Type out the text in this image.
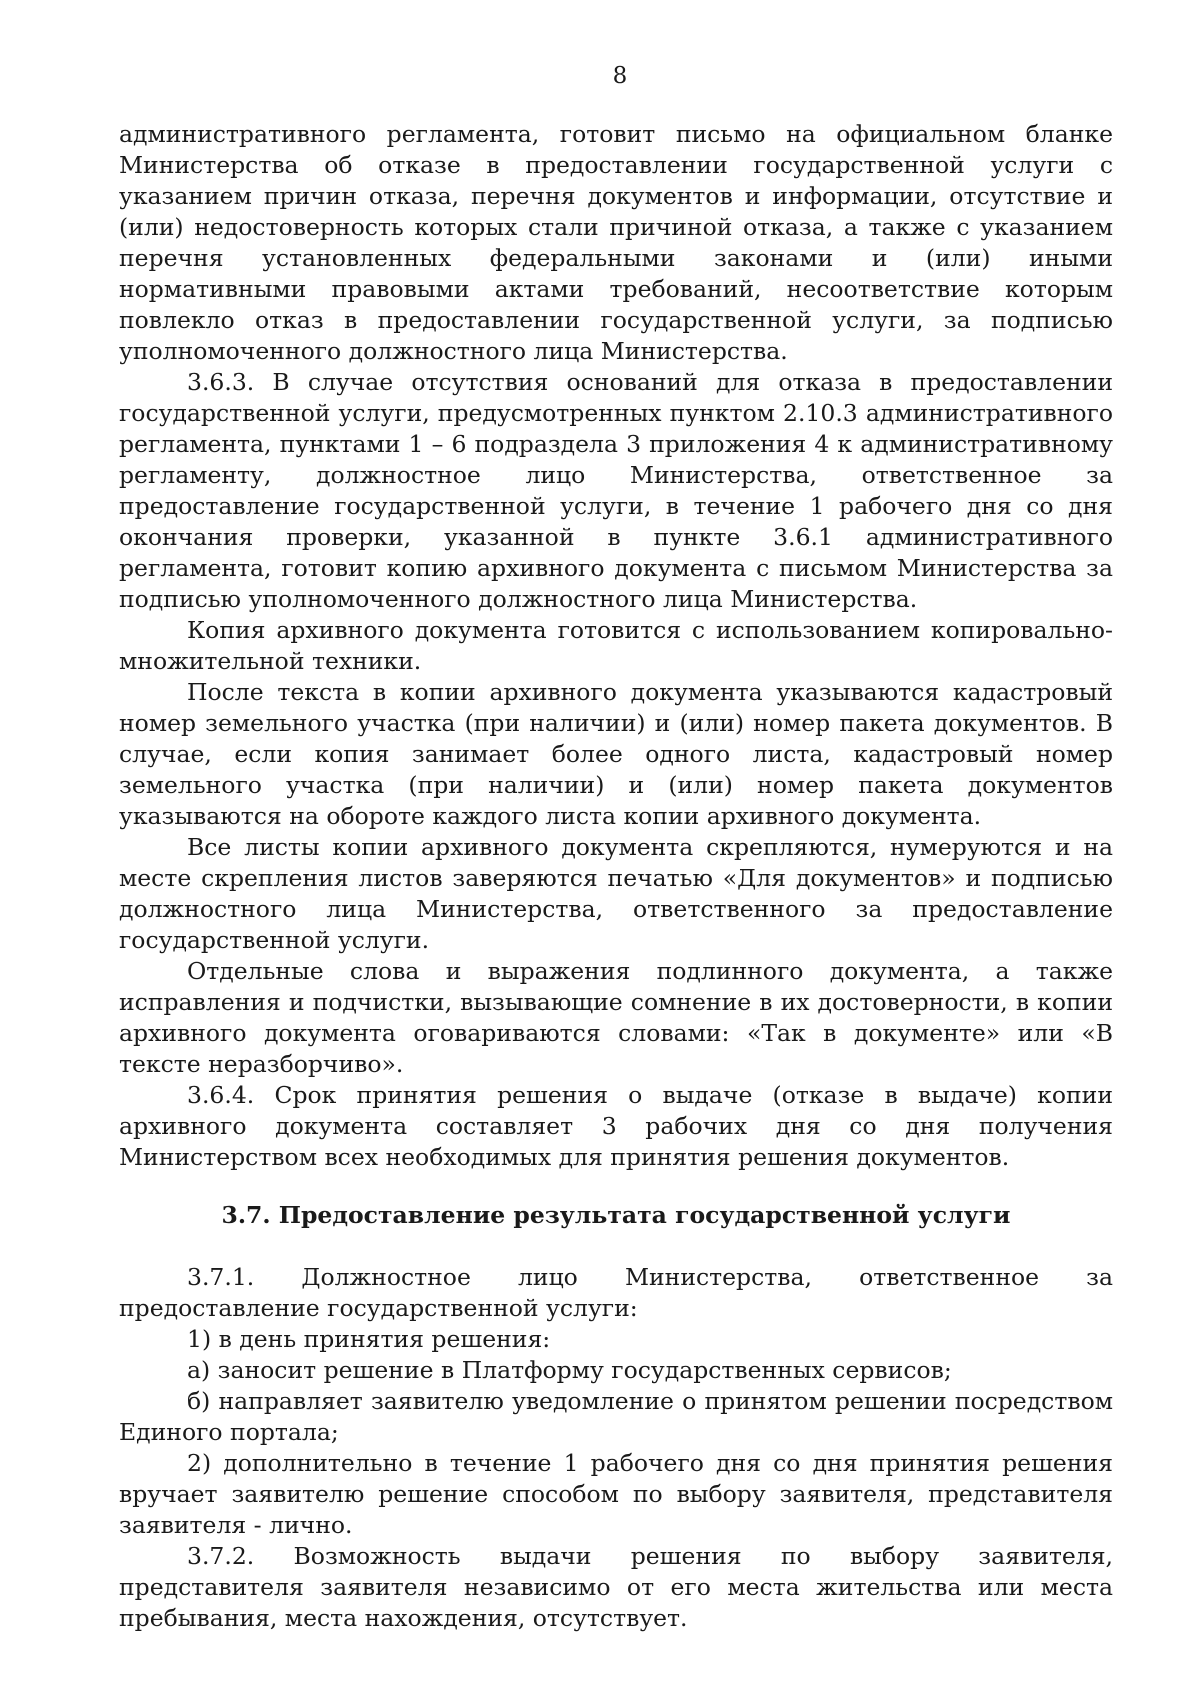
8

административного регламента, готовит письмо на официальном бланке Министерства об отказе в предоставлении государственной услуги с указанием причин отказа, перечня документов и информации, отсутствие и (или) недостоверность которых стали причиной отказа, а также с указанием перечня установленных федеральными законами и (или) иными нормативными правовыми актами требований, несоответствие которым повлекло отказ в предоставлении государственной услуги, за подписью уполномоченного должностного лица Министерства.

3.6.3. В случае отсутствия оснований для отказа в предоставлении государственной услуги, предусмотренных пунктом 2.10.3 административного регламента, пунктами 1 – 6 подраздела 3 приложения 4 к административному регламенту, должностное лицо Министерства, ответственное за предоставление государственной услуги, в течение 1 рабочего дня со дня окончания проверки, указанной в пункте 3.6.1 административного регламента, готовит копию архивного документа с письмом Министерства за подписью уполномоченного должностного лица Министерства.

Копия архивного документа готовится с использованием копировально-множительной техники.

После текста в копии архивного документа указываются кадастровый номер земельного участка (при наличии) и (или) номер пакета документов. В случае, если копия занимает более одного листа, кадастровый номер земельного участка (при наличии) и (или) номер пакета документов указываются на обороте каждого листа копии архивного документа.

Все листы копии архивного документа скрепляются, нумеруются и на месте скрепления листов заверяются печатью «Для документов» и подписью должностного лица Министерства, ответственного за предоставление государственной услуги.

Отдельные слова и выражения подлинного документа, а также исправления и подчистки, вызывающие сомнение в их достоверности, в копии архивного документа оговариваются словами: «Так в документе» или «В тексте неразборчиво».

3.6.4. Срок принятия решения о выдаче (отказе в выдаче) копии архивного документа составляет 3 рабочих дня со дня получения Министерством всех необходимых для принятия решения документов.

3.7. Предоставление результата государственной услуги

3.7.1. Должностное лицо Министерства, ответственное за предоставление государственной услуги:

1) в день принятия решения:

а) заносит решение в Платформу государственных сервисов;

б) направляет заявителю уведомление о принятом решении посредством Единого портала;

2) дополнительно в течение 1 рабочего дня со дня принятия решения вручает заявителю решение способом по выбору заявителя, представителя заявителя - лично.

3.7.2. Возможность выдачи решения по выбору заявителя, представителя заявителя независимо от его места жительства или места пребывания, места нахождения, отсутствует.
